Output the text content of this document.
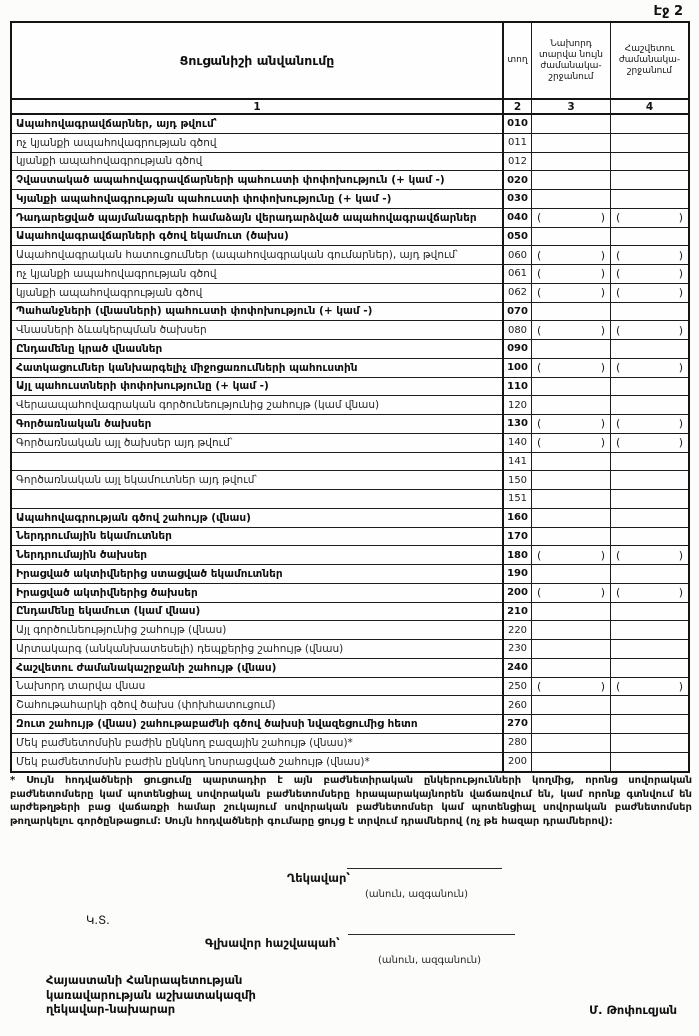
Էջ 2
Ցուցանիշի անվանումը	տող
Նախորդ տարվա նույն ժամանակա-շրջանում
Հաշվետու ժամանակա-շրջանում
1	2	3	4
Ապահովագրավճարներ, այդ թվում՝	010
ոչ կյանքի ապահովագրության գծով	011
կյանքի ապահովագրության գծով	012
Չվաստակած ապահովագրավճարների պահուստի փոփոխություն (+ կամ -)	020
Կյանքի ապահովագրության պահուստի փոփոխությունը (+ կամ -)	030
Դադարեցված պայմանագրերի համաձայն վերադարձված ապահովագրավճարներ	040 (	) (	)
Ապահովագրավճարների գծով եկամուտ (ծախս)	050
Ապահովագրական հատուցումներ (ապահովագրական գումարներ), այդ թվում՝	060 (	) (	)
ոչ կյանքի ապահովագրության գծով	061 (	) (	)
կյանքի ապահովագրության գծով	062 (	) (	)
Պահանջների (վնասների) պահուստի փոփոխություն (+ կամ -)	070
Վնասների ձևակերպման ծախսեր	080 (	) (	)
Ընդամենը կրած վնասներ	090
Հատկացումներ կանխարգելիչ միջոցառումների պահուստին	100 (	) (	)
Այլ պահուստների փոփոխությունը (+ կամ -)	110
Վերաապահովագրական գործունեությունից շահույթ (կամ վնաս)	120
Գործառնական ծախսեր	130 (	) (	)
Գործառնական այլ ծախսեր այդ թվում՝	140 (	) (	)
141
Գործառնական այլ եկամուտներ այդ թվում՝	150
151
Ապահովագրության գծով շահույթ (վնաս)	160
Ներդրումային եկամուտներ	170
Ներդրումային ծախսեր	180 (	) (	)
Իրացված ակտիվներից ստացված եկամուտներ	190
Իրացված ակտիվներից ծախսեր	200 (	) (	)
Ընդամենը եկամուտ (կամ վնաս)	210
Այլ գործունեությունից շահույթ (վնաս)	220
Արտակարգ (անկանխատեսելի) դեպքերից շահույթ (վնաս)	230
Հաշվետու ժամանակաշրջանի շահույթ (վնաս)	240
Նախորդ տարվա վնաս	250 (	) (	)
Շահութահարկի գծով ծախս (փոխհատուցում)	260
Զուտ շահույթ (վնաս) շահութաբաժնի գծով ծախսի նվազեցումից հետո	270
Մեկ բաժնետոմսին բաժին ընկնող բազային շահույթ (վնաս)*	280
Մեկ բաժնետոմսին բաժին ընկնող նոսրացված շահույթ (վնաս)*	200
* Սույն հոդվածների ցուցումը պարտադիր է այն բաժնետիրական ընկերությունների կողմից, որոնց սովորական բաժնետոմսերը կամ պոտենցիալ սովորական բաժնետոմսերը հրապարակայնորեն վաճառվում են, կամ որոնք գտնվում են արժեթղթերի բաց վաճառքի համար շուկայում սովորական բաժնետոմսեր կամ պոտենցիալ սովորական բաժնետոմսեր թողարկելու գործընթացում: Սույն հոդվածների գումարը ցույց է տրվում դրամներով (ոչ թե հազար դրամներով):
Ղեկավար՝
(անուն, ազգանուն)
Կ.Տ.
Գլխավոր հաշվապահ՝
(անուն, ազգանուն)
Հայաստանի Հանրապետության
կառավարության աշխատակազմի
ղեկավար-նախարար	Մ. Թոփուզյան
